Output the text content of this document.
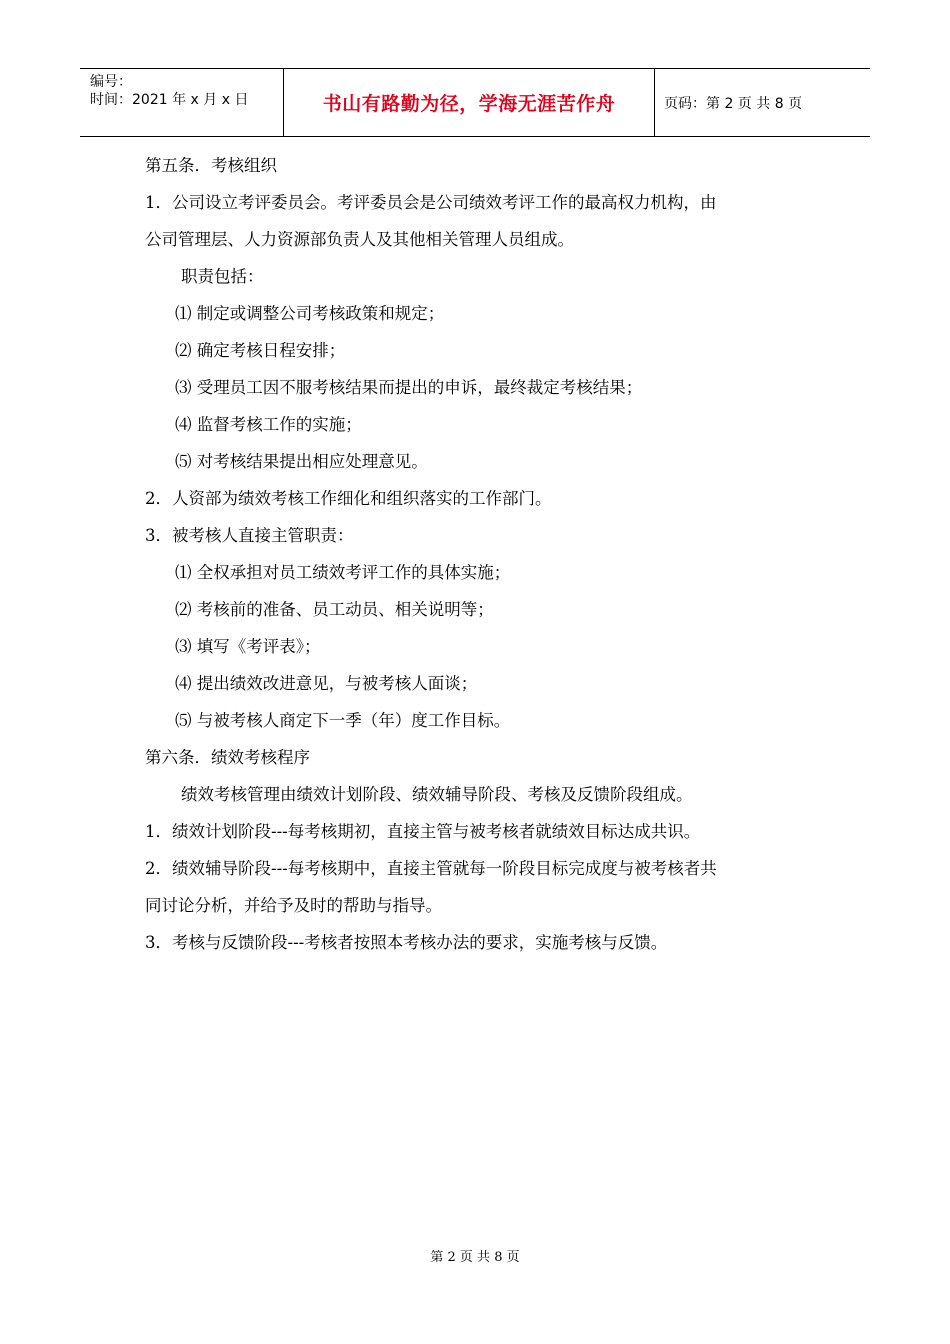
编号：
时间：2021 年 x 月 x 日	书山有路勤为径，学海无涯苦作舟	页码：第 2 页 共 8 页
第五条．考核组织
1．公司设立考评委员会。考评委员会是公司绩效考评工作的最高权力机构，由
公司管理层、人力资源部负责人及其他相关管理人员组成。
职责包括：
⑴ 制定或调整公司考核政策和规定；
⑵ 确定考核日程安排；
⑶ 受理员工因不服考核结果而提出的申诉，最终裁定考核结果；
⑷ 监督考核工作的实施；
⑸ 对考核结果提出相应处理意见。
2．人资部为绩效考核工作细化和组织落实的工作部门。
3．被考核人直接主管职责：
⑴ 全权承担对员工绩效考评工作的具体实施；
⑵ 考核前的准备、员工动员、相关说明等；
⑶ 填写《考评表》；
⑷ 提出绩效改进意见，与被考核人面谈；
⑸ 与被考核人商定下一季（年）度工作目标。
第六条．绩效考核程序
绩效考核管理由绩效计划阶段、绩效辅导阶段、考核及反馈阶段组成。
1．绩效计划阶段---每考核期初，直接主管与被考核者就绩效目标达成共识。
2．绩效辅导阶段---每考核期中，直接主管就每一阶段目标完成度与被考核者共
同讨论分析，并给予及时的帮助与指导。
3．考核与反馈阶段---考核者按照本考核办法的要求，实施考核与反馈。
第 2 页 共 8 页
